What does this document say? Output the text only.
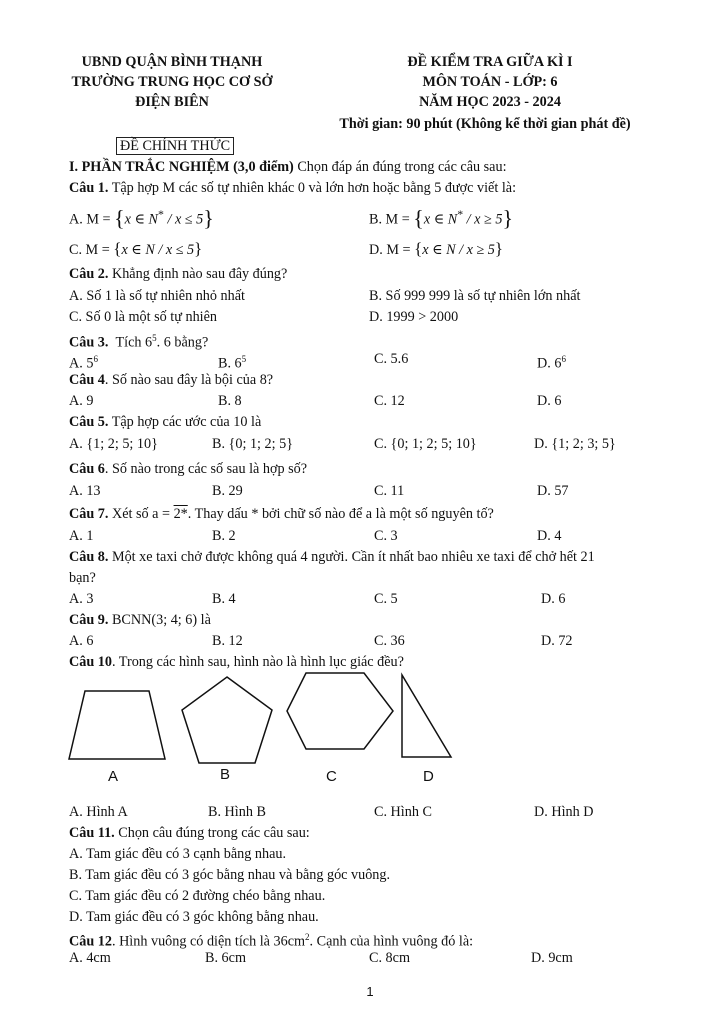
UBND QUẬN BÌNH THẠNH
TRƯỜNG TRUNG HỌC CƠ SỞ
ĐIỆN BIÊN
ĐỀ KIỂM TRA GIỮA KÌ I
MÔN TOÁN - LỚP: 6
NĂM HỌC 2023 - 2024
Thời gian: 90 phút (Không kể thời gian phát đề)
ĐỀ CHÍNH THỨC
I. PHẦN TRẮC NGHIỆM (3,0 điểm) Chọn đáp án đúng trong các câu sau:
Câu 1. Tập hợp M các số tự nhiên khác 0 và lớn hơn hoặc bằng 5 được viết là:
A. M = {x ∈ N* / x ≤ 5}	B. M = {x ∈ N* / x ≥ 5}
C. M = {x ∈ N / x ≤ 5}	D. M = {x ∈ N / x ≥ 5}
Câu 2. Khẳng định nào sau đây đúng?
A. Số 1 là số tự nhiên nhỏ nhất	B. Số 999 999 là số tự nhiên lớn nhất
C. Số 0 là một số tự nhiên	D. 1999 > 2000
Câu 3. Tích $6^5$. 6 bằng?
A. $5^6$	B. $6^5$	C. 5.6	D. $6^6$
Câu 4. Số nào sau đây là bội của 8?
A. 9	B. 8	C. 12	D. 6
Câu 5. Tập hợp các ước của 10 là
A. {1; 2; 5; 10}	B. {0; 1; 2; 5}	C. {0; 1; 2; 5; 10}	D. {1; 2; 3; 5}
Câu 6. Số nào trong các số sau là hợp số?
A. 13	B. 29	C. 11	D. 57
Câu 7. Xét số a = 2*. Thay dấu * bởi chữ số nào để a là một số nguyên tố?
A. 1	B. 2	C. 3	D. 4
Câu 8. Một xe taxi chở được không quá 4 người. Cần ít nhất bao nhiêu xe taxi để chở hết 21
bạn?
A. 3	B. 4	C. 5	D. 6
Câu 9. BCNN(3; 4; 6) là
A. 6	B. 12	C. 36	D. 72
Câu 10. Trong các hình sau, hình nào là hình lục giác đều?
A	B	C	D
A. Hình A	B. Hình B	C. Hình C	D. Hình D
Câu 11. Chọn câu đúng trong các câu sau:
A. Tam giác đều có 3 cạnh bằng nhau.
B. Tam giác đều có 3 góc bằng nhau và bằng góc vuông.
C. Tam giác đều có 2 đường chéo bằng nhau.
D. Tam giác đều có 3 góc không bằng nhau.
Câu 12. Hình vuông có diện tích là $36cm^2$. Cạnh của hình vuông đó là:
A. 4cm	B. 6cm	C. 8cm	D. 9cm
1
